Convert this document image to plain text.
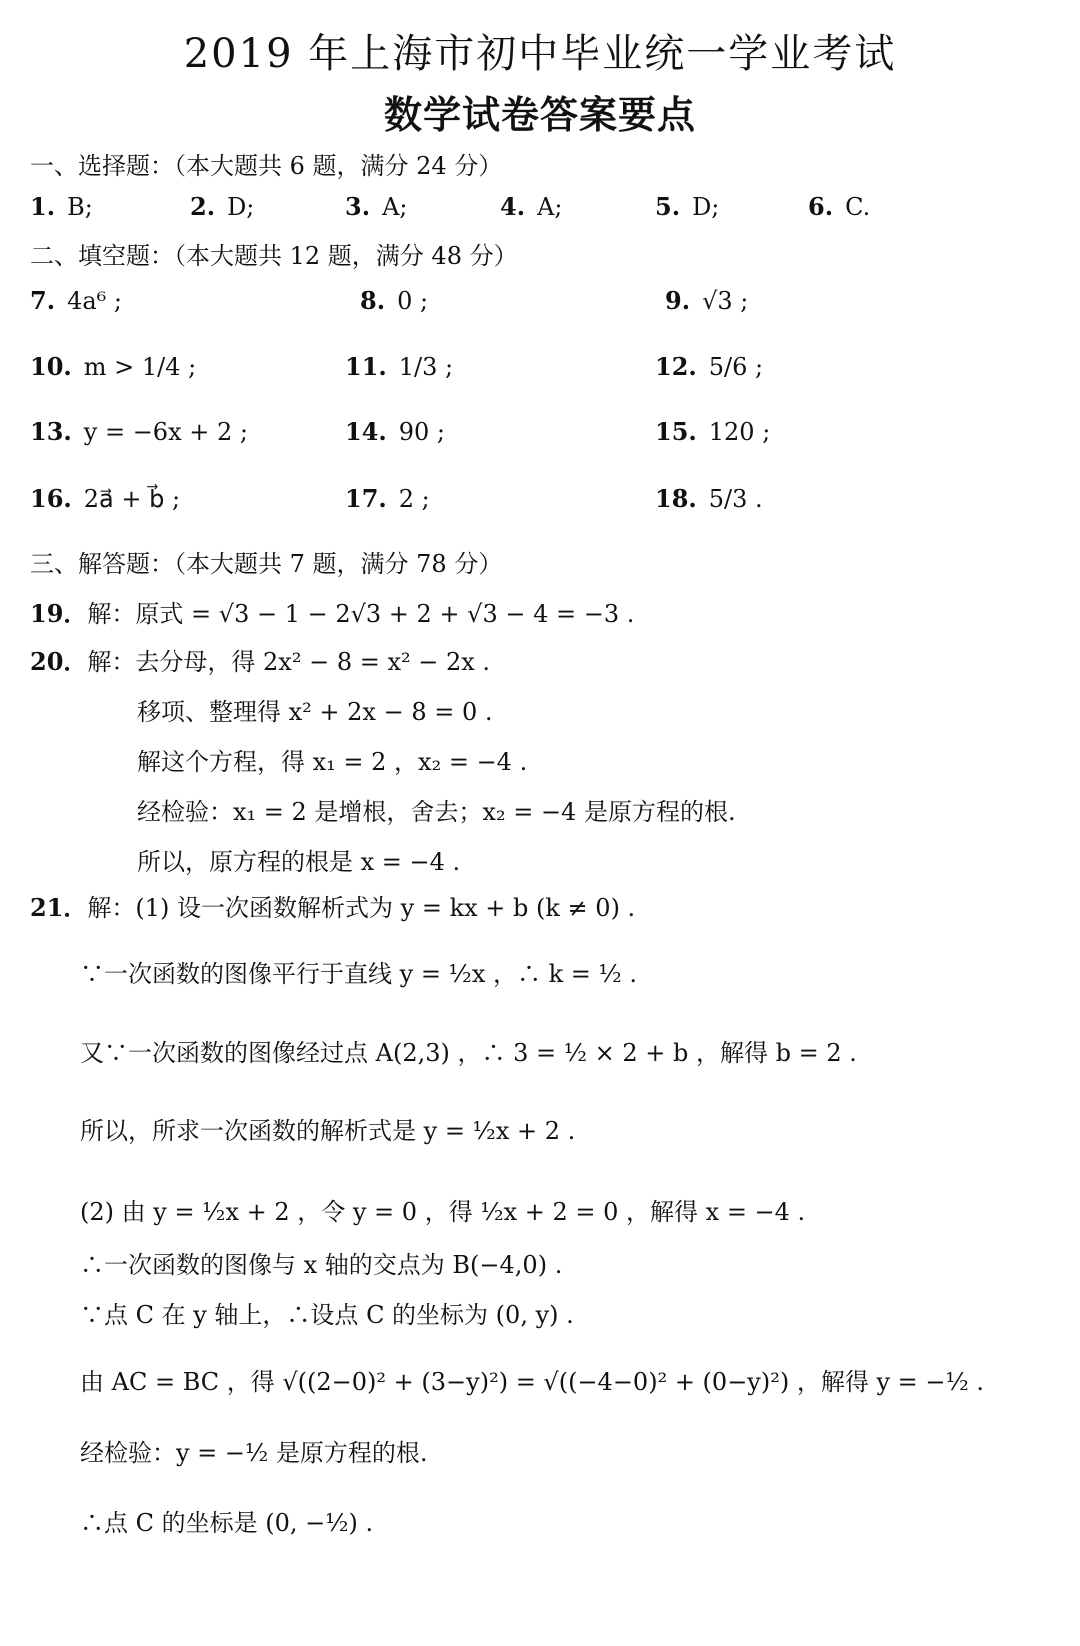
2019 年上海市初中毕业统一学业考试
数学试卷答案要点
一、选择题：（本大题共 6 题，满分 24 分）
1. B;	2. D;	3. A;	4. A;	5. D;	6. C.
二、填空题：（本大题共 12 题，满分 48 分）
7. 4a⁶ ;	8. 0 ;	9. √3 ;
10. m > 1/4 ;	11. 1/3 ;	12. 5/6 ;
13. y = −6x + 2 ;	14. 90 ;	15. 120 ;
16. 2a⃗ + b⃗ ;	17. 2 ;	18. 5/3 .
三、解答题：（本大题共 7 题，满分 78 分）
19．解：原式 = √3 − 1 − 2√3 + 2 + √3 − 4 = −3 .
20．解：去分母，得 2x² − 8 = x² − 2x .
移项、整理得 x² + 2x − 8 = 0 .
解这个方程，得 x₁ = 2 ，x₂ = −4 .
经检验：x₁ = 2 是增根，舍去；x₂ = −4 是原方程的根.
所以，原方程的根是 x = −4 .
21．解：(1) 设一次函数解析式为 y = kx + b (k ≠ 0) .
∵一次函数的图像平行于直线 y = ½x ，∴ k = ½ .
又∵一次函数的图像经过点 A(2,3) ，∴ 3 = ½ × 2 + b ，解得 b = 2 .
所以，所求一次函数的解析式是 y = ½x + 2 .
(2) 由 y = ½x + 2 ，令 y = 0 ，得 ½x + 2 = 0 ，解得 x = −4 .
∴一次函数的图像与 x 轴的交点为 B(−4,0) .
∵点 C 在 y 轴上，∴设点 C 的坐标为 (0, y) .
由 AC = BC ，得 √((2−0)² + (3−y)²) = √((−4−0)² + (0−y)²) ，解得 y = −½ .
经检验：y = −½ 是原方程的根.
∴点 C 的坐标是 (0, −½) .
